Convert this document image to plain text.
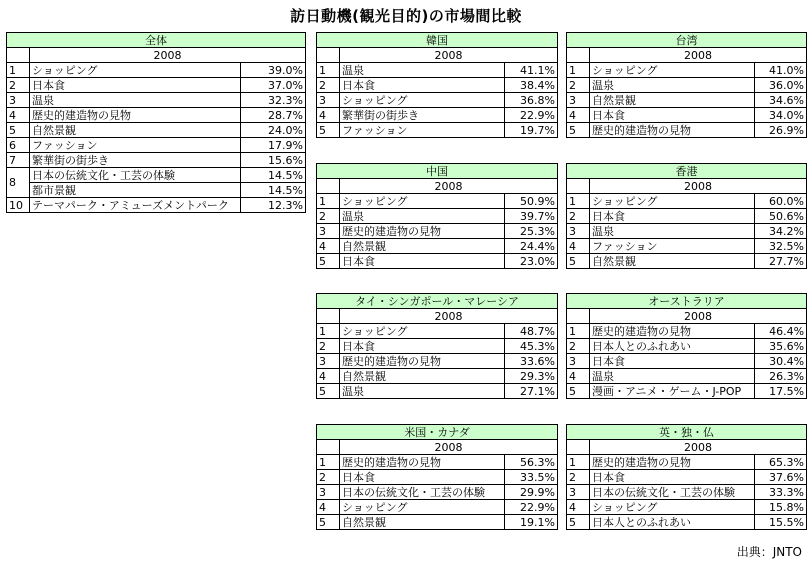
訪日動機(観光目的)の市場間比較
全体		
	2008	
1	ショッピング	39.0%
2	日本食	37.0%
3	温泉	32.3%
4	歴史的建造物の見物	28.7%
5	自然景観	24.0%
6	ファッション	17.9%
7	繁華街の街歩き	15.6%
8	日本の伝統文化・工芸の体験	14.5%
	都市景観	14.5%
10	テーマパーク・アミューズメントパーク	12.3%
韓国		
	2008	
1	温泉	41.1%
2	日本食	38.4%
3	ショッピング	36.8%
4	繁華街の街歩き	22.9%
5	ファッション	19.7%
台湾		
	2008	
1	ショッピング	41.0%
2	温泉	36.0%
3	自然景観	34.6%
4	日本食	34.0%
5	歴史的建造物の見物	26.9%
中国		
	2008	
1	ショッピング	50.9%
2	温泉	39.7%
3	歴史的建造物の見物	25.3%
4	自然景観	24.4%
5	日本食	23.0%
香港		
	2008	
1	ショッピング	60.0%
2	日本食	50.6%
3	温泉	34.2%
4	ファッション	32.5%
5	自然景観	27.7%
タイ・シンガポール・マレーシア		
	2008	
1	ショッピング	48.7%
2	日本食	45.3%
3	歴史的建造物の見物	33.6%
4	自然景観	29.3%
5	温泉	27.1%
オーストラリア		
	2008	
1	歴史的建造物の見物	46.4%
2	日本人とのふれあい	35.6%
3	日本食	30.4%
4	温泉	26.3%
5	漫画・アニメ・ゲーム・J-POP	17.5%
米国・カナダ		
	2008	
1	歴史的建造物の見物	56.3%
2	日本食	33.5%
3	日本の伝統文化・工芸の体験	29.9%
4	ショッピング	22.9%
5	自然景観	19.1%
英・独・仏		
	2008	
1	歴史的建造物の見物	65.3%
2	日本食	37.6%
3	日本の伝統文化・工芸の体験	33.3%
4	ショッピング	15.8%
5	日本人とのふれあい	15.5%
出典：JNTO
